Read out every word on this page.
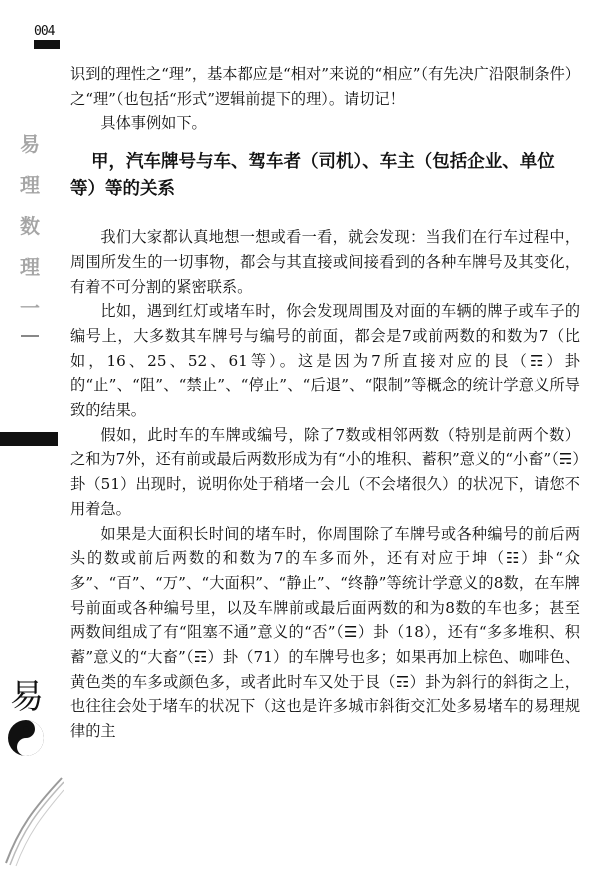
004
易
理
数
理
一

识到的理性之“理”，基本都应是“相对”来说的“相应”（有先决广沿限制条件）之“理”（也包括“形式”逻辑前提下的理）。请切记！

具体事例如下。

甲，汽车牌号与车、驾车者（司机）、车主（包括企业、单位等）等的关系

我们大家都认真地想一想或看一看，就会发现：当我们在行车过程中，周围所发生的一切事物，都会与其直接或间接看到的各种车牌号及其变化，有着不可分割的紧密联系。

比如，遇到红灯或堵车时，你会发现周围及对面的车辆的牌子或车子的编号上，大多数其车牌号与编号的前面，都会是7或前两数的和数为7（比如，16、25、52、61等）。这是因为7所直接对应的艮（☶）卦的“止”、“阻”、“禁止”、“停止”、“后退”、“限制”等概念的统计学意义所导致的结果。

假如，此时车的车牌或编号，除了7数或相邻两数（特别是前两个数）之和为7外，还有前或最后两数形成为有“小的堆积、蓄积”意义的“小畜”（☴）卦（51）出现时，说明你处于稍堵一会儿（不会堵很久）的状况下，请您不用着急。

如果是大面积长时间的堵车时，你周围除了车牌号或各种编号的前后两头的数或前后两数的和数为7的车多而外，还有对应于坤（☷）卦“众多”、“百”、“万”、“大面积”、“静止”、“终静”等统计学意义的8数，在车牌号前面或各种编号里，以及车牌前或最后面两数的和为8数的车也多；甚至两数间组成了有“阻塞不通”意义的“否”（☰）卦（18），还有“多多堆积、积蓄”意义的“大畜”（☶）卦（71）的车牌号也多；如果再加上棕色、咖啡色、黄色类的车多或颜色多，或者此时车又处于艮（☶）卦为斜行的斜街之上，也往往会处于堵车的状况下（这也是许多城市斜街交汇处多易堵车的易理规律的主

易
